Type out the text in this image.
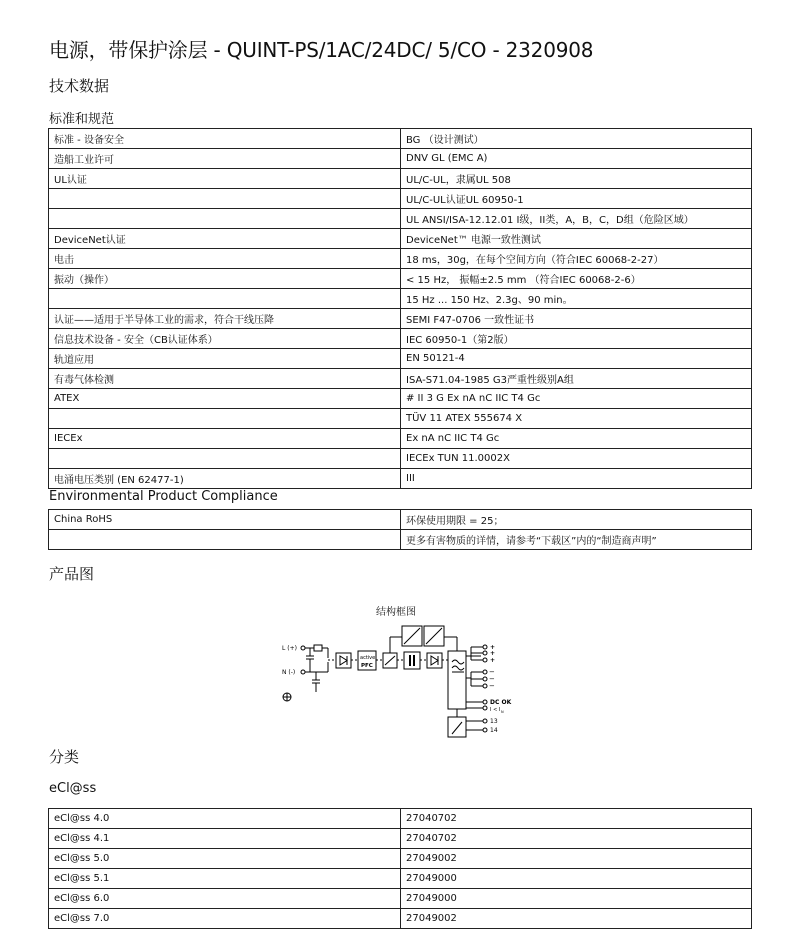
电源，带保护涂层 - QUINT-PS/1AC/24DC/ 5/CO - 2320908
技术数据
标准和规范
标准 - 设备安全	BG （设计测试）
造船工业许可	DNV GL (EMC A)
UL认证	UL/C-UL，隶属UL 508
	UL/C-UL认证UL 60950-1
	UL ANSI/ISA-12.12.01 I级，II类，A，B，C，D组（危险区域）
DeviceNet认证	DeviceNet™ 电源一致性测试
电击	18 ms，30g，在每个空间方向（符合IEC 60068-2-27）
振动（操作）	< 15 Hz， 振幅±2.5 mm （符合IEC 60068-2-6）
	15 Hz ... 150 Hz、2.3g、90 min。
认证——适用于半导体工业的需求，符合干线压降	SEMI F47-0706 一致性证书
信息技术设备 - 安全（CB认证体系）	IEC 60950-1（第2版）
轨道应用	EN 50121-4
有毒气体检测	ISA-S71.04-1985 G3严重性级别A组
ATEX	# II 3 G Ex nA nC IIC T4 Gc
	TÜV 11 ATEX 555674 X
IECEx	Ex nA nC IIC T4 Gc
	IECEx TUN 11.0002X
电涌电压类别 (EN 62477-1)	III
Environmental Product Compliance
China RoHS	环保使用期限 = 25；
	更多有害物质的详情，请参考“下载区”内的“制造商声明”
产品图
结构框图
L (+)
N (-)
active
PFC
+
+
+
−
−
−
DC OK
I < I N
13
14
分类
eCl@ss
eCl@ss 4.0	27040702
eCl@ss 4.1	27040702
eCl@ss 5.0	27049002
eCl@ss 5.1	27049000
eCl@ss 6.0	27049000
eCl@ss 7.0	27049002
